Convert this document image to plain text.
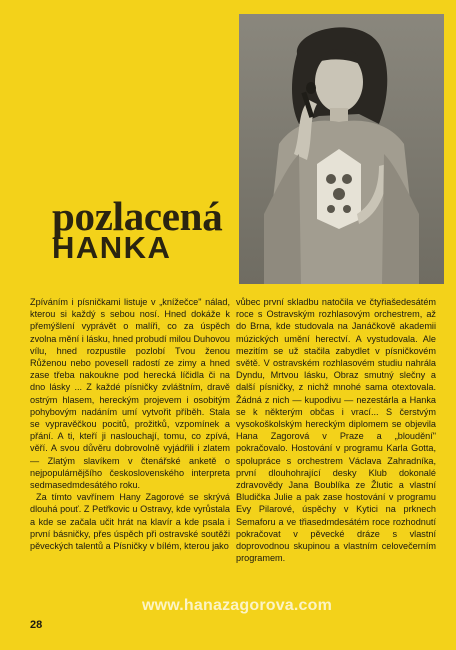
pozlacená
HANKA

Zpíváním i písničkami listuje v „knížečce" nálad, kterou si každý s sebou nosí. Hned dokáže k přemýšlení vyprávět o malíři, co za úspěch zvolna mění i lásku, hned probudí milou Duhovou vílu, hned rozpustile pozlobí Tvou ženou Růženou nebo povesell radostí ze zimy a hned zase třeba nakoukne pod herecká líčidla či na dno lásky ... Z každé písničky zvláštním, dravě ostrým hlasem, hereckým projevem i osobitým pohybovým nadáním umí vytvořit příběh. Stala se vypravěčkou pocitů, prožitků, vzpomínek a přání. A ti, kteří ji naslouchají, tomu, co zpívá, věří. A svou důvěru dobrovolně vyjádřili i zlatem — Zlatým slavíkem v čtenářské anketě o nejpopulárnějšího československého interpreta sedmasedmdesátého roku.

Za tímto vavřínem Hany Zagorové se skrývá dlouhá pouť. Z Petřkovic u Ostravy, kde vyrůstala a kde se začala učit hrát na klavír a kde psala i první básničky, přes úspěch při ostravské soutěži pěveckých talentů a Písničky v bílém, kterou jako

vůbec první skladbu natočila ve čtyřiašedesátém roce s Ostravským rozhlasovým orchestrem, až do Brna, kde studovala na Janáčkově akademii múzických umění herectví. A vystudovala. Ale mezitím se už stačila zabydlet v písničkovém světě. V ostravském rozhlasovém studiu nahrála Dyndu, Mrtvou lásku, Obraz smutný slečny a další písničky, z nichž mnohé sama otextovala. Žádná z nich — kupodivu — nezestárla a Hanka se k některým občas i vrací... S čerstvým vysokoškolským hereckým diplomem se objevila Hana Zagorová v Praze a „bloudění" pokračovalo. Hostování v programu Karla Gotta, spolupráce s orchestrem Václava Zahradníka, první dlouhohrající desky Klub dokonalé zdravovědy Jana Boublíka ze Žlutic a vlastní Bludička Julie a pak zase hostování v programu Evy Pilarové, úspěchy v Kytici na prknech Semaforu a ve třiasedmdesátém roce rozhodnutí pokračovat v pěvecké dráze s vlastní doprovodnou skupinou a vlastním celovečerním programem.

www.hanazagorova.com
28
